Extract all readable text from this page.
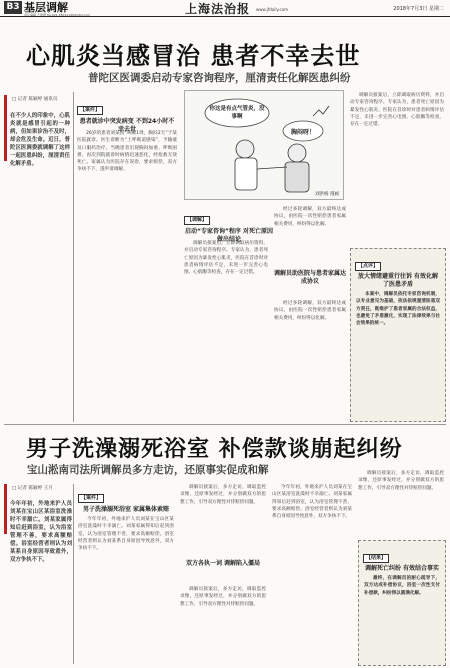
B3 基层调解
责任编辑 王夏慧 Tel:021-55011190@163.com	上海法治报 www.jfdaily.com	2018年7月3日 星期二
心肌炎当感冒治 患者不幸去世
普陀区医调委启动专家咨询程序，厘清责任化解医患纠纷
□ 记者 陈颖婷 通讯员
在不少人的印象中，心肌炎就是感冒引起的一种病，但如果诊治不及时，却会危及生命。近日，普陀区医调委就调解了这样一起医患纠纷，厘清责任化解矛盾。
【案件】
患者就诊中突发病变 不到24小时不幸去世

26岁的患者刘某因“咳嗽1周，胸闷2天”于某医院就诊。医生诊断为“上呼吸道感染”，予输液及口服药治疗。当晚患者出现胸闷加重、呼吸困难，再次到院就诊时病情迅速恶化，经抢救无效死亡。家属认为医院存在误诊，要求赔偿，双方争执不下，遂申请调解。

你这是有点气管炎，没事啊
胸闷呀！
刘洪杨 漫画
【调解】
启动“专家咨询”程序 对死亡原因做出结论

调解员接案后，立即调取病历资料，并启动专家咨询程序。专家认为，患者死亡原因为暴发性心肌炎，医院在首诊时对患者病情评估不足，未进一步完善心电图、心肌酶等检查，存在一定过错。

经过多轮调解，双方最终达成协议，由医院一次性赔偿患者家属相关费用，纠纷得以化解。

调解员助医院与患者家属达成协议

经过多轮调解，双方最终达成协议，由医院一次性赔偿患者家属相关费用，纠纷得以化解。

调解员接案后，立即调取病历资料，并启动专家咨询程序。专家认为，患者死亡原因为暴发性心肌炎，医院在首诊时对患者病情评估不足，未进一步完善心电图、心肌酶等检查，存在一定过错。

【点评】
放大情绪避重行往诉 有效化解了医患矛盾

本案中，调解员依托专家咨询机制，以专业意见为基础，依法依规厘清医患双方责任，既维护了患者家属的合法权益，也避免了矛盾激化，实现了法律效果与社会效果的统一。

男子洗澡溺死浴室 补偿款谈崩起纠纷
宝山淞南司法所调解员多方走访，还原事实促成和解
□ 记者 陈颖婷 王月
今年年初，外地来沪人员刘某在宝山区某浴室洗澡时不幸溺亡。刘某家属得知后赶到浴室，认为浴室管理不善，要求高额赔偿。浴室经营者则认为刘某系自身原因导致意外，双方争执不下。
【案件】
男子洗澡溺死浴室 家属集体索赔

今年年初，外地来沪人员刘某在宝山区某浴室洗澡时不幸溺亡。刘某家属得知后赶到浴室，认为浴室管理不善，要求高额赔偿。浴室经营者则认为刘某系自身原因导致意外，双方争执不下。

调解员接案后，多方走访，调取监控录像，还原事发经过，并分别做双方的思想工作，引导双方理性对待赔偿问题。

双方各执一词 调解陷入僵局

调解员接案后，多方走访，调取监控录像，还原事发经过，并分别做双方的思想工作，引导双方理性对待赔偿问题。

今年年初，外地来沪人员刘某在宝山区某浴室洗澡时不幸溺亡。刘某家属得知后赶到浴室，认为浴室管理不善，要求高额赔偿。浴室经营者则认为刘某系自身原因导致意外，双方争执不下。

调解员接案后，多方走访，调取监控录像，还原事发经过，并分别做双方的思想工作，引导双方理性对待赔偿问题。

【结果】
调解死亡纠纷 有效结合事实

最终，在调解员的耐心疏导下，双方达成补偿协议，浴室一次性支付补偿款，纠纷得以圆满化解。
